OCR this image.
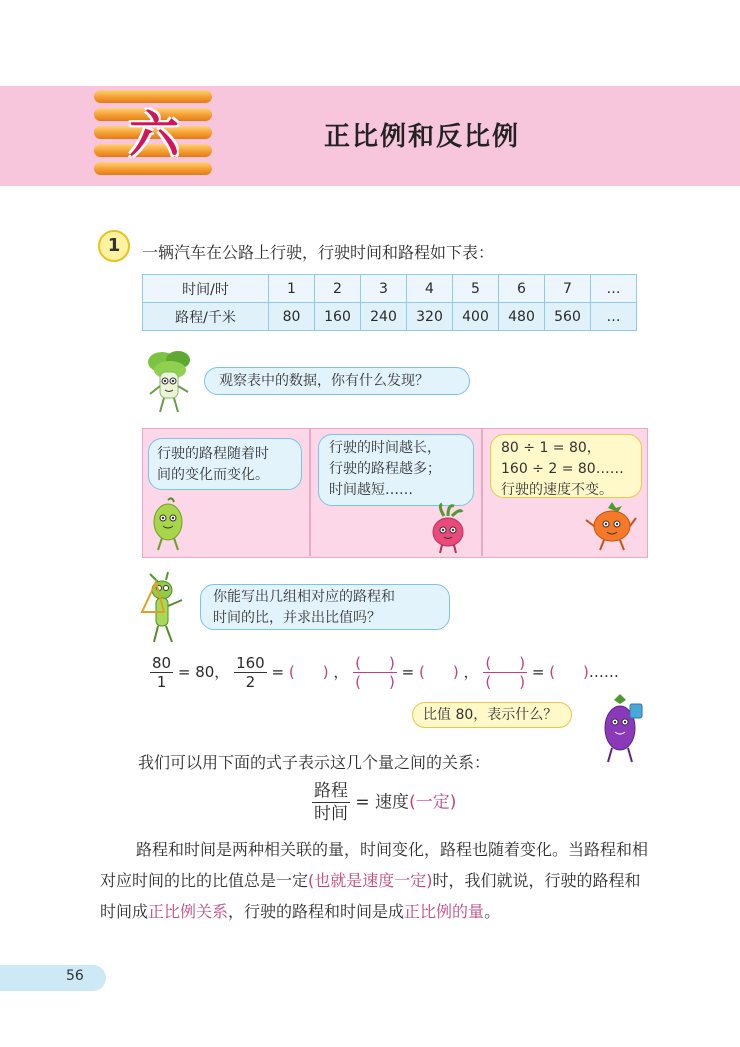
六	正比例和反比例
1	一辆汽车在公路上行驶，行驶时间和路程如下表：
时间/时	1	2	3	4	5	6	7	…
路程/千米	80	160	240	320	400	480	560	…
观察表中的数据，你有什么发现？
行驶的路程随着时
间的变化而变化。
行驶的时间越长，
行驶的路程越多；
时间越短……
80 ÷ 1 = 80，
160 ÷ 2 = 80……
行驶的速度不变。
你能写出几组相对应的路程和
时间的比，并求出比值吗？
$\frac{80}{1} = 80$， $\frac{160}{2}$ = ( ) ， $\frac{( )}{( )}$ = ( ) ， $\frac{( )}{( )}$ = ( )……
比值 80，表示什么？
我们可以用下面的式子表示这几个量之间的关系：
$\frac{\text{路程}}{\text{时间}}$ = 速度(一定)
路程和时间是两种相关联的量，时间变化，路程也随着变化。当路程和相对应时间的比的比值总是一定(也就是速度一定)时，我们就说，行驶的路程和时间成正比例关系，行驶的路程和时间是成正比例的量。
56
